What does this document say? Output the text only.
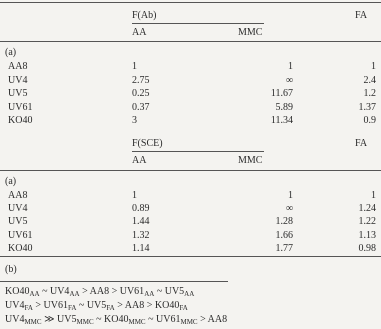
F(Ab)	FA
AA	MMC
(a)
AA8	1	1	1
UV4	2.75	∞	2.4
UV5	0.25	11.67	1.2
UV61	0.37	5.89	1.37
KO40	3	11.34	0.9
F(SCE)	FA
AA	MMC
(a)
AA8	1	1	1
UV4	0.89	∞	1.24
UV5	1.44	1.28	1.22
UV61	1.32	1.66	1.13
KO40	1.14	1.77	0.98
(b)
$KO40_{AA}$ ~ $UV4_{AA} > AA8 > UV61_{AA}$ ~ $UV5_{AA}$
$UV4_{FA} > UV61_{FA}$ ~ $UV5_{FA} > AA8 > KO40_{FA}$
$UV4_{MMC}$ ≫ $UV5_{MMC}$ ~ $KO40_{MMC}$ ~ $UV61_{MMC} > AA8$
